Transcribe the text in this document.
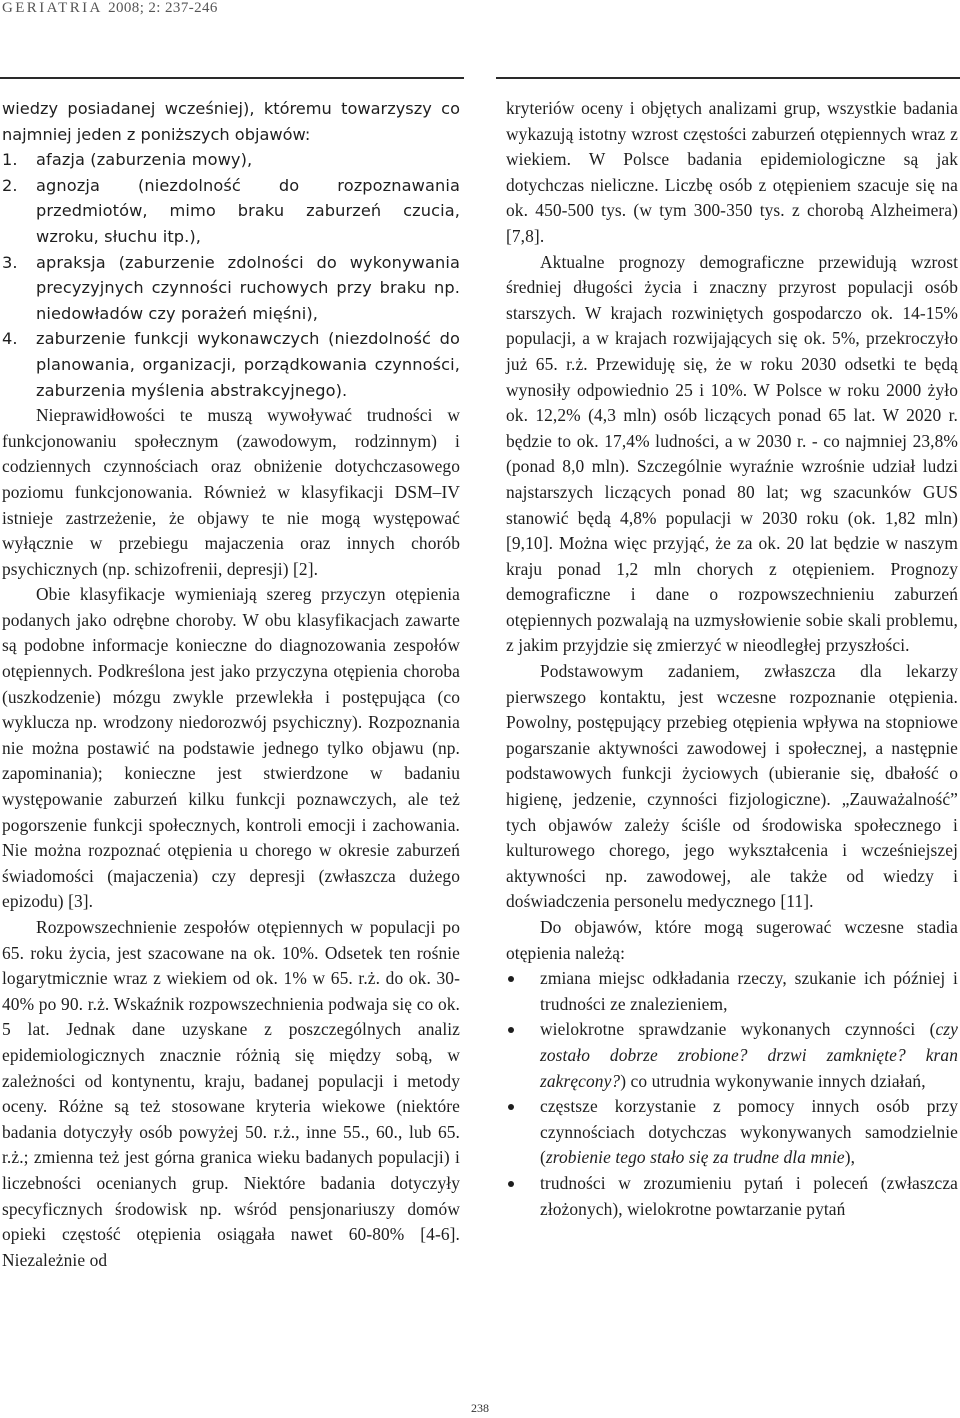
GERIATRIA 2008; 2: 237-246

wiedzy posiadanej wcześniej), któremu towarzyszy co najmniej jeden z poniższych objawów:

1. afazja (zaburzenia mowy),
2. agnozja (niezdolność do rozpoznawania przedmiotów, mimo braku zaburzeń czucia, wzroku, słuchu itp.),
3. apraksja (zaburzenie zdolności do wykonywania precyzyjnych czynności ruchowych przy braku np. niedowładów czy porażeń mięśni),
4. zaburzenie funkcji wykonawczych (niezdolność do planowania, organizacji, porządkowania czynności, zaburzenia myślenia abstrakcyjnego).

Nieprawidłowości te muszą wywoływać trudności w funkcjonowaniu społecznym (zawodowym, rodzinnym) i codziennych czynnościach oraz obniżenie dotychczasowego poziomu funkcjonowania. Również w klasyfikacji DSM–IV istnieje zastrzeżenie, że objawy te nie mogą występować wyłącznie w przebiegu majaczenia oraz innych chorób psychicznych (np. schizofrenii, depresji) [2].

Obie klasyfikacje wymieniają szereg przyczyn otępienia podanych jako odrębne choroby. W obu klasyfikacjach zawarte są podobne informacje konieczne do diagnozowania zespołów otępiennych. Podkreślona jest jako przyczyna otępienia choroba (uszkodzenie) mózgu zwykle przewlekła i postępująca (co wyklucza np. wrodzony niedorozwój psychiczny). Rozpoznania nie można postawić na podstawie jednego tylko objawu (np. zapominania); konieczne jest stwierdzone w badaniu występowanie zaburzeń kilku funkcji poznawczych, ale też pogorszenie funkcji społecznych, kontroli emocji i zachowania. Nie można rozpoznać otępienia u chorego w okresie zaburzeń świadomości (majaczenia) czy depresji (zwłaszcza dużego epizodu) [3].

Rozpowszechnienie zespołów otępiennych w populacji po 65. roku życia, jest szacowane na ok. 10%. Odsetek ten rośnie logarytmicznie wraz z wiekiem od ok. 1% w 65. r.ż. do ok. 30-40% po 90. r.ż. Wskaźnik rozpowszechnienia podwaja się co ok. 5 lat. Jednak dane uzyskane z poszczególnych analiz epidemiologicznych znacznie różnią się między sobą, w zależności od kontynentu, kraju, badanej populacji i metody oceny. Różne są też stosowane kryteria wiekowe (niektóre badania dotyczyły osób powyżej 50. r.ż., inne 55., 60., lub 65. r.ż.; zmienna też jest górna granica wieku badanych populacji) i liczebności ocenianych grup. Niektóre badania dotyczyły specyficznych środowisk np. wśród pensjonariuszy domów opieki częstość otępienia osiągała nawet 60-80% [4-6]. Niezależnie od

kryteriów oceny i objętych analizami grup, wszystkie badania wykazują istotny wzrost częstości zaburzeń otępiennych wraz z wiekiem. W Polsce badania epidemiologiczne są jak dotychczas nieliczne. Liczbę osób z otępieniem szacuje się na ok. 450-500 tys. (w tym 300-350 tys. z chorobą Alzheimera) [7,8].

Aktualne prognozy demograficzne przewidują wzrost średniej długości życia i znaczny przyrost populacji osób starszych. W krajach rozwiniętych gospodarczo ok. 14-15% populacji, a w krajach rozwijających się ok. 5%, przekroczyło już 65. r.ż. Przewiduję się, że w roku 2030 odsetki te będą wynosiły odpowiednio 25 i 10%. W Polsce w roku 2000 żyło ok. 12,2% (4,3 mln) osób liczących ponad 65 lat. W 2020 r. będzie to ok. 17,4% ludności, a w 2030 r. - co najmniej 23,8% (ponad 8,0 mln). Szczególnie wyraźnie wzrośnie udział ludzi najstarszych liczących ponad 80 lat; wg szacunków GUS stanowić będą 4,8% populacji w 2030 roku (ok. 1,82 mln) [9,10]. Można więc przyjąć, że za ok. 20 lat będzie w naszym kraju ponad 1,2 mln chorych z otępieniem. Prognozy demograficzne i dane o rozpowszechnieniu zaburzeń otępiennych pozwalają na uzmysłowienie sobie skali problemu, z jakim przyjdzie się zmierzyć w nieodległej przyszłości.

Podstawowym zadaniem, zwłaszcza dla lekarzy pierwszego kontaktu, jest wczesne rozpoznanie otępienia. Powolny, postępujący przebieg otępienia wpływa na stopniowe pogarszanie aktywności zawodowej i społecznej, a następnie podstawowych funkcji życiowych (ubieranie się, dbałość o higienę, jedzenie, czynności fizjologiczne). „Zauważalność” tych objawów zależy ściśle od środowiska społecznego i kulturowego chorego, jego wykształcenia i wcześniejszej aktywności np. zawodowej, ale także od wiedzy i doświadczenia personelu medycznego [11].

Do objawów, które mogą sugerować wczesne stadia otępienia należą:

zmiana miejsc odkładania rzeczy, szukanie ich później i trudności ze znalezieniem,
wielokrotne sprawdzanie wykonanych czynności (czy zostało dobrze zrobione? drzwi zamknięte? kran zakręcony?) co utrudnia wykonywanie innych działań,
częstsze korzystanie z pomocy innych osób przy czynnościach dotychczas wykonywanych samodzielnie (zrobienie tego stało się za trudne dla mnie),
trudności w zrozumieniu pytań i poleceń (zwłaszcza złożonych), wielokrotne powtarzanie pytań
238
